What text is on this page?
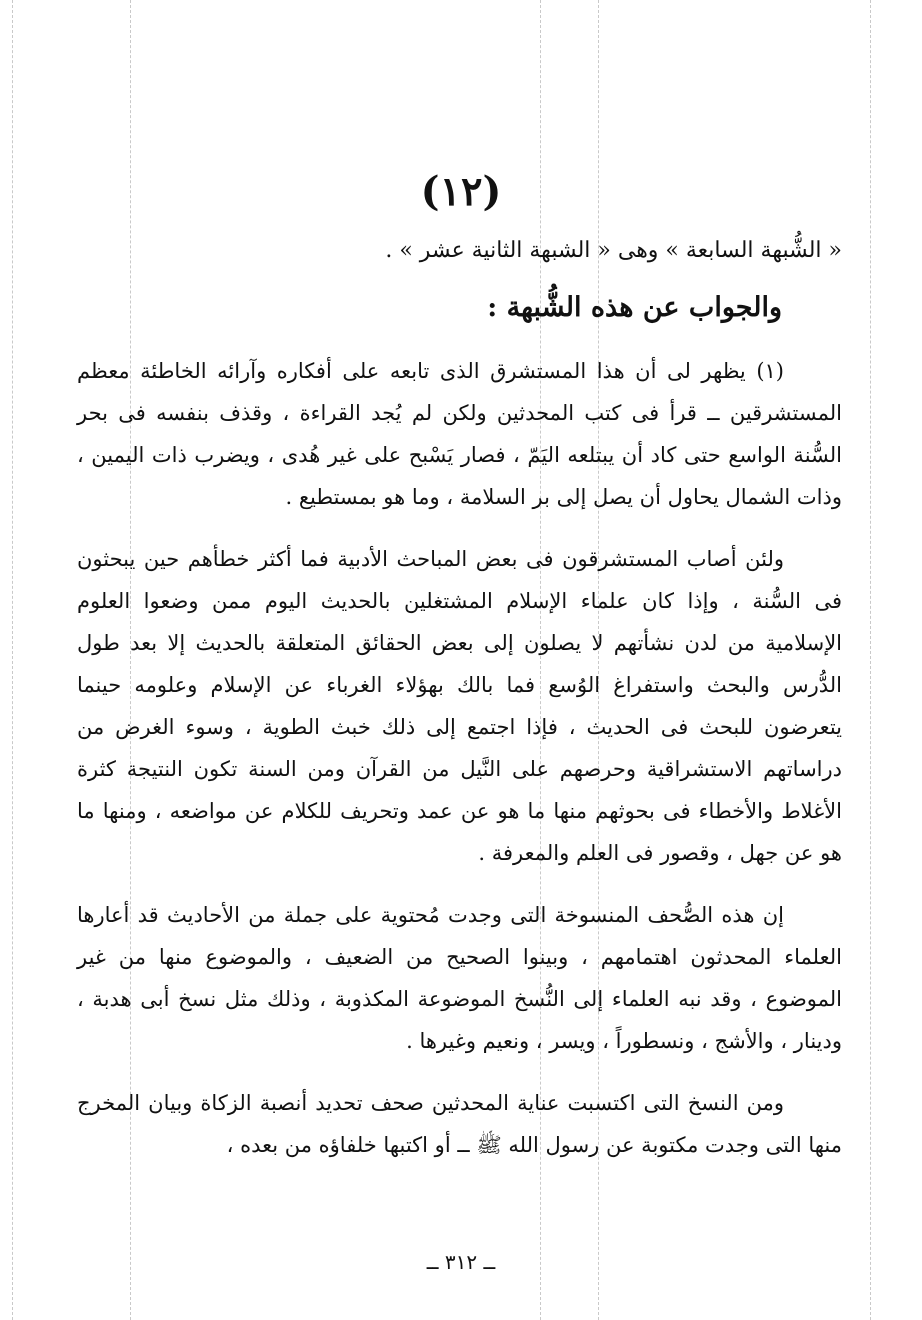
(١٢)
« الشُّبهة السابعة » وهى « الشبهة الثانية عشر » .
والجواب عن هذه الشُّبهة :

(١) يظهر لى أن هذا المستشرق الذى تابعه على أفكاره وآرائه الخاطئة معظم المستشرقين ــ قرأ فى كتب المحدثين ولكن لم يُجد القراءة ، وقذف بنفسه فى بحر السُّنة الواسع حتى كاد أن يبتلعه اليَمّ ، فصار يَسْبح على غير هُدى ، ويضرب ذات اليمين ، وذات الشمال يحاول أن يصل إلى بر السلامة ، وما هو بمستطيع .

ولئن أصاب المستشرقون فى بعض المباحث الأدبية فما أكثر خطأهم حين يبحثون فى السُّنة ، وإذا كان علماء الإسلام المشتغلين بالحديث اليوم ممن وضعوا العلوم الإسلامية من لدن نشأتهم لا يصلون إلى بعض الحقائق المتعلقة بالحديث إلا بعد طول الدُّرس والبحث واستفراغ الوُسع فما بالك بهؤلاء الغرباء عن الإسلام وعلومه حينما يتعرضون للبحث فى الحديث ، فإذا اجتمع إلى ذلك خبث الطوية ، وسوء الغرض من دراساتهم الاستشراقية وحرصهم على النَّيل من القرآن ومن السنة تكون النتيجة كثرة الأغلاط والأخطاء فى بحوثهم منها ما هو عن عمد وتحريف للكلام عن مواضعه ، ومنها ما هو عن جهل ، وقصور فى العلم والمعرفة .

إن هذه الصُّحف المنسوخة التى وجدت مُحتوية على جملة من الأحاديث قد أعارها العلماء المحدثون اهتمامهم ، وبينوا الصحيح من الضعيف ، والموضوع منها من غير الموضوع ، وقد نبه العلماء إلى النُّسخ الموضوعة المكذوبة ، وذلك مثل نسخ أبى هدبة ، ودينار ، والأشج ، ونسطوراً ، ويسر ، ونعيم وغيرها .

ومن النسخ التى اكتسبت عناية المحدثين صحف تحديد أنصبة الزكاة وبيان المخرج منها التى وجدت مكتوبة عن رسول الله ﷺ ــ أو اكتبها خلفاؤه من بعده ،

ــ ٣١٢ ــ
